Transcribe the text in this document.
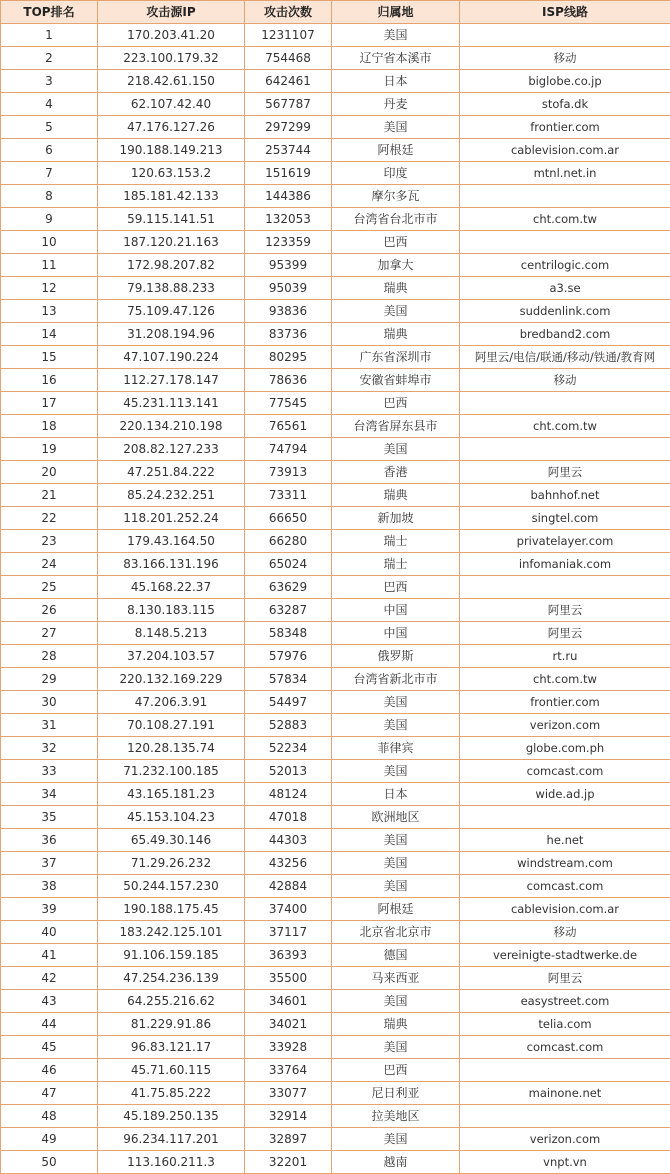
TOP排名	攻击源IP	攻击次数	归属地	ISP线路
1	170.203.41.20	1231107	美国	
2	223.100.179.32	754468	辽宁省本溪市	移动
3	218.42.61.150	642461	日本	biglobe.co.jp
4	62.107.42.40	567787	丹麦	stofa.dk
5	47.176.127.26	297299	美国	frontier.com
6	190.188.149.213	253744	阿根廷	cablevision.com.ar
7	120.63.153.2	151619	印度	mtnl.net.in
8	185.181.42.133	144386	摩尔多瓦	
9	59.115.141.51	132053	台湾省台北市市	cht.com.tw
10	187.120.21.163	123359	巴西	
11	172.98.207.82	95399	加拿大	centrilogic.com
12	79.138.88.233	95039	瑞典	a3.se
13	75.109.47.126	93836	美国	suddenlink.com
14	31.208.194.96	83736	瑞典	bredband2.com
15	47.107.190.224	80295	广东省深圳市	阿里云/电信/联通/移动/铁通/教育网
16	112.27.178.147	78636	安徽省蚌埠市	移动
17	45.231.113.141	77545	巴西	
18	220.134.210.198	76561	台湾省屏东县市	cht.com.tw
19	208.82.127.233	74794	美国	
20	47.251.84.222	73913	香港	阿里云
21	85.24.232.251	73311	瑞典	bahnhof.net
22	118.201.252.24	66650	新加坡	singtel.com
23	179.43.164.50	66280	瑞士	privatelayer.com
24	83.166.131.196	65024	瑞士	infomaniak.com
25	45.168.22.37	63629	巴西	
26	8.130.183.115	63287	中国	阿里云
27	8.148.5.213	58348	中国	阿里云
28	37.204.103.57	57976	俄罗斯	rt.ru
29	220.132.169.229	57834	台湾省新北市市	cht.com.tw
30	47.206.3.91	54497	美国	frontier.com
31	70.108.27.191	52883	美国	verizon.com
32	120.28.135.74	52234	菲律宾	globe.com.ph
33	71.232.100.185	52013	美国	comcast.com
34	43.165.181.23	48124	日本	wide.ad.jp
35	45.153.104.23	47018	欧洲地区	
36	65.49.30.146	44303	美国	he.net
37	71.29.26.232	43256	美国	windstream.com
38	50.244.157.230	42884	美国	comcast.com
39	190.188.175.45	37400	阿根廷	cablevision.com.ar
40	183.242.125.101	37117	北京省北京市	移动
41	91.106.159.185	36393	德国	vereinigte-stadtwerke.de
42	47.254.236.139	35500	马来西亚	阿里云
43	64.255.216.62	34601	美国	easystreet.com
44	81.229.91.86	34021	瑞典	telia.com
45	96.83.121.17	33928	美国	comcast.com
46	45.71.60.115	33764	巴西	
47	41.75.85.222	33077	尼日利亚	mainone.net
48	45.189.250.135	32914	拉美地区	
49	96.234.117.201	32897	美国	verizon.com
50	113.160.211.3	32201	越南	vnpt.vn
